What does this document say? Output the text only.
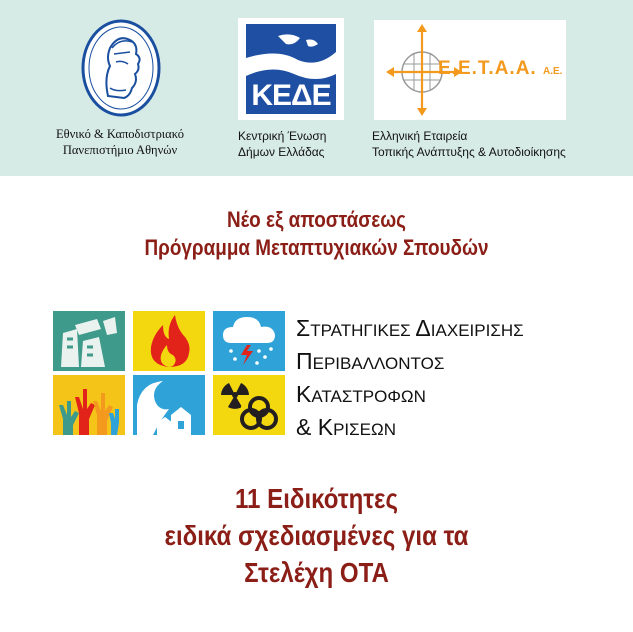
Εθνικό & Καποδιστριακό
Πανεπιστήμιο Αθηνών
ΚΕΔΕ
Κεντρική Ένωση
Δήμων Ελλάδας
Ε.Ε.Τ.Α.Α. Α.Ε.
Ελληνική Εταιρεία
Τοπικής Ανάπτυξης & Αυτοδιοίκησης
Νέο εξ αποστάσεως
Πρόγραμμα Μεταπτυχιακών Σπουδών
ΣΤΡΑΤΗΓΙΚΕΣ ΔΙΑΧΕΙΡΙΣΗΣ
ΠΕΡΙΒΑΛΛΟΝΤΟΣ
ΚΑΤΑΣΤΡΟΦΩΝ
& ΚΡΙΣΕΩΝ
11 Ειδικότητες
ειδικά σχεδιασμένες για τα
Στελέχη ΟΤΑ
